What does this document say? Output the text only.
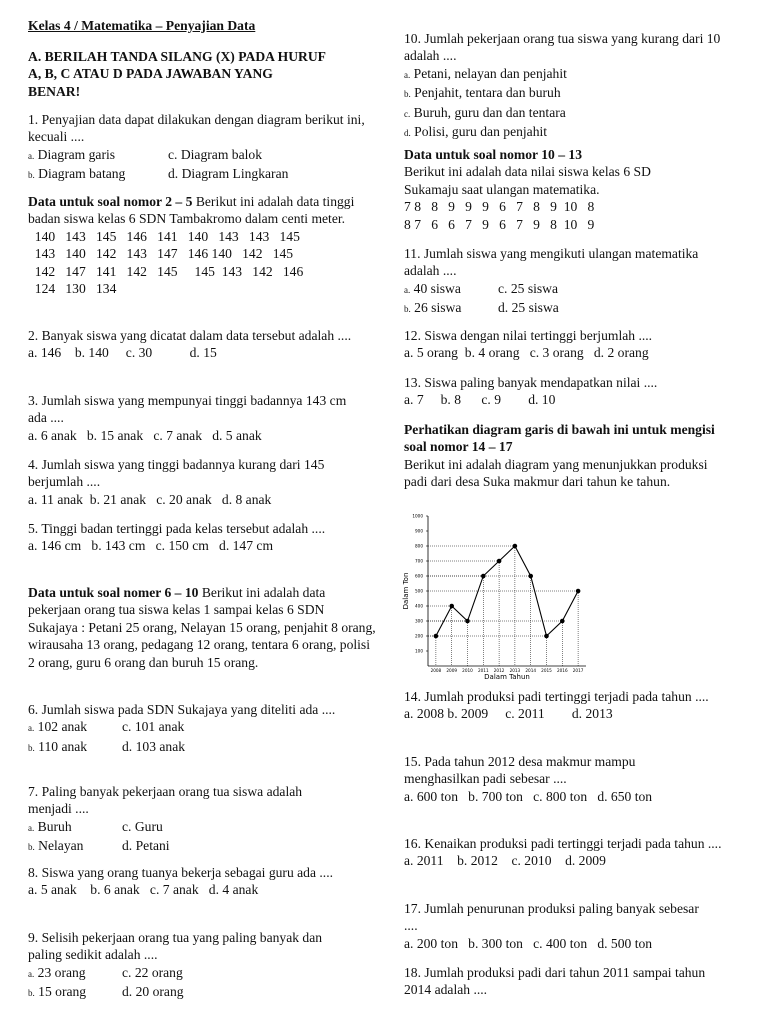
Kelas 4 / Matematika – Penyajian Data

A. BERILAH TANDA SILANG (X) PADA HURUF A, B, C ATAU D PADA JAWABAN YANG BENAR!

1. Penyajian data dapat dilakukan dengan diagram berikut ini, kecuali ....

a. Diagram garis	c. Diagram balok
b. Diagram batang	d. Diagram Lingkaran

Data untuk soal nomor 2 – 5 Berikut ini adalah data tinggi badan siswa kelas 6 SDN Tambakromo dalam centi meter.

140   143   145   146   141   140   143   143   145
143   140   142   143   147   146 140   142   145
142   147   141   142   145     145  143   142   146
124   130   134

2. Banyak siswa yang dicatat dalam data tersebut adalah ....

a. 146    b. 140     c. 30           d. 15

3. Jumlah siswa yang mempunyai tinggi badannya 143 cm ada ....

a. 6 anak   b. 15 anak   c. 7 anak   d. 5 anak

4. Jumlah siswa yang tinggi badannya kurang dari 145 berjumlah ....

a. 11 anak  b. 21 anak   c. 20 anak   d. 8 anak

5. Tinggi badan tertinggi pada kelas tersebut adalah ....

a. 146 cm   b. 143 cm   c. 150 cm   d. 147 cm

Data untuk soal nomer 6 – 10 Berikut ini adalah data pekerjaan orang tua siswa kelas 1 sampai kelas 6 SDN Sukajaya : Petani 25 orang, Nelayan 15 orang, penjahit 8 orang, wirausaha 13 orang, pedagang 12 orang, tentara 6 orang, polisi 2 orang, guru 6 orang dan buruh 15 orang.

6. Jumlah siswa pada SDN Sukajaya yang diteliti ada ....

a. 102 anak	c. 101 anak
b. 110 anak	d. 103 anak

7. Paling banyak pekerjaan orang tua siswa adalah menjadi ....

a. Buruh	c. Guru
b. Nelayan	d. Petani

8. Siswa yang orang tuanya bekerja sebagai guru ada ....

a. 5 anak    b. 6 anak   c. 7 anak   d. 4 anak

9. Selisih pekerjaan orang tua yang paling banyak dan paling sedikit adalah ....

a. 23 orang	c. 22 orang
b. 15 orang	d. 20 orang

10. Jumlah pekerjaan orang tua siswa yang kurang dari 10 adalah ....

a. Petani, nelayan dan penjahit

b. Penjahit, tentara dan buruh

c. Buruh, guru dan dan tentara

d. Polisi, guru dan penjahit

Data untuk soal nomor 10 – 13

Berikut ini adalah data nilai siswa kelas 6 SD Sukamaju saat ulangan matematika.

7 8   8   9   9   9   6   7   8   9  10   8
8 7   6   6   7   9   6   7   9   8  10   9

11. Jumlah siswa yang mengikuti ulangan matematika adalah ....

a. 40 siswa	c. 25 siswa
b. 26 siswa	d. 25 siswa

12. Siswa dengan nilai tertinggi berjumlah ....

a. 5 orang  b. 4 orang   c. 3 orang   d. 2 orang

13. Siswa paling banyak mendapatkan nilai ....

a. 7     b. 8      c. 9        d. 10

Perhatikan diagram garis di bawah ini untuk mengisi soal nomor 14 – 17

Berikut ini adalah diagram yang menunjukkan produksi padi dari desa Suka makmur dari tahun ke tahun.

100
200
300
400
500
600
700
800
900
1000
2008 2009 2010 2011 2012 2013 2014 2015 2016 2017
Dalam Tahun
Dalam Ton

14. Jumlah produksi padi tertinggi terjadi pada tahun ....

a. 2008 b. 2009     c. 2011        d. 2013

15. Pada tahun 2012 desa makmur mampu menghasilkan padi sebesar ....

a. 600 ton   b. 700 ton   c. 800 ton   d. 650 ton

16. Kenaikan produksi padi tertinggi terjadi pada tahun ....

a. 2011    b. 2012    c. 2010    d. 2009

17. Jumlah penurunan produksi paling banyak sebesar ....

a. 200 ton   b. 300 ton   c. 400 ton   d. 500 ton

18. Jumlah produksi padi dari tahun 2011 sampai tahun 2014 adalah ....
